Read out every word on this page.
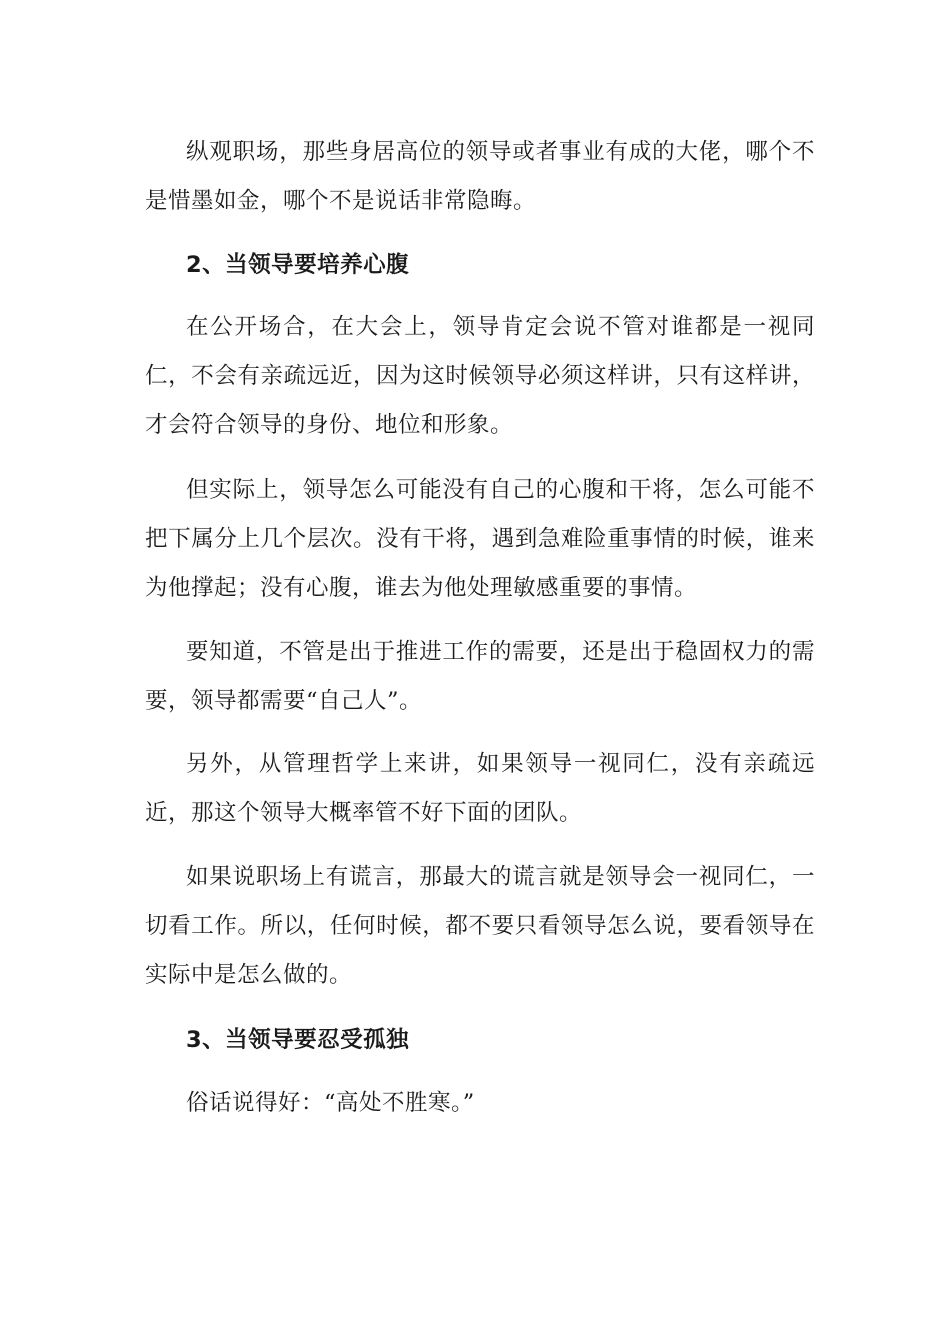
纵观职场，那些身居高位的领导或者事业有成的大佬，哪个不是惜墨如金，哪个不是说话非常隐晦。

2、当领导要培养心腹

在公开场合，在大会上，领导肯定会说不管对谁都是一视同仁，不会有亲疏远近，因为这时候领导必须这样讲，只有这样讲，才会符合领导的身份、地位和形象。

但实际上，领导怎么可能没有自己的心腹和干将，怎么可能不把下属分上几个层次。没有干将，遇到急难险重事情的时候，谁来为他撑起；没有心腹，谁去为他处理敏感重要的事情。

要知道，不管是出于推进工作的需要，还是出于稳固权力的需要，领导都需要“自己人”。

另外，从管理哲学上来讲，如果领导一视同仁，没有亲疏远近，那这个领导大概率管不好下面的团队。

如果说职场上有谎言，那最大的谎言就是领导会一视同仁，一切看工作。所以，任何时候，都不要只看领导怎么说，要看领导在实际中是怎么做的。

3、当领导要忍受孤独

俗话说得好：“高处不胜寒。”
